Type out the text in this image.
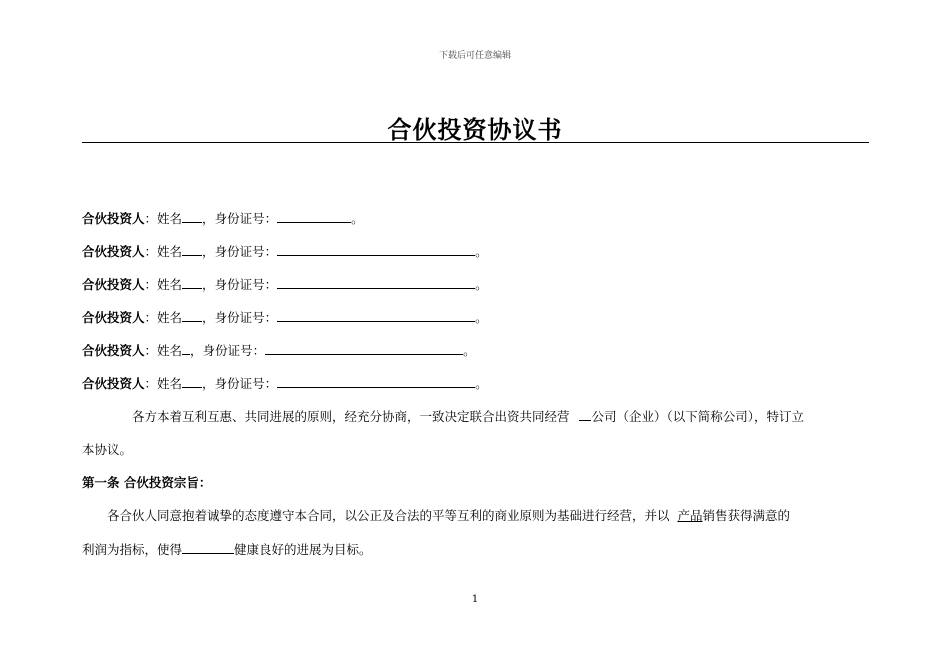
下载后可任意编辑
合伙投资协议书
合伙投资人：姓名 ，身份证号：	。
合伙投资人：姓名 ，身份证号：	。
合伙投资人：姓名 ，身份证号：	。
合伙投资人：姓名 ，身份证号：	。
合伙投资人：姓名 ，身份证号：	。
合伙投资人：姓名 ，身份证号：	。
各方本着互利互惠、共同进展的原则，经充分协商，一致决定联合出资共同经营 公司（企业）（以下简称公司），特订立
本协议。
第一条 合伙投资宗旨：
各合伙人同意抱着诚挚的态度遵守本合同，以公正及合法的平等互利的商业原则为基础进行经营，并以 产品销售获得满意的
利润为指标，使得	健康良好的进展为目标。
1
